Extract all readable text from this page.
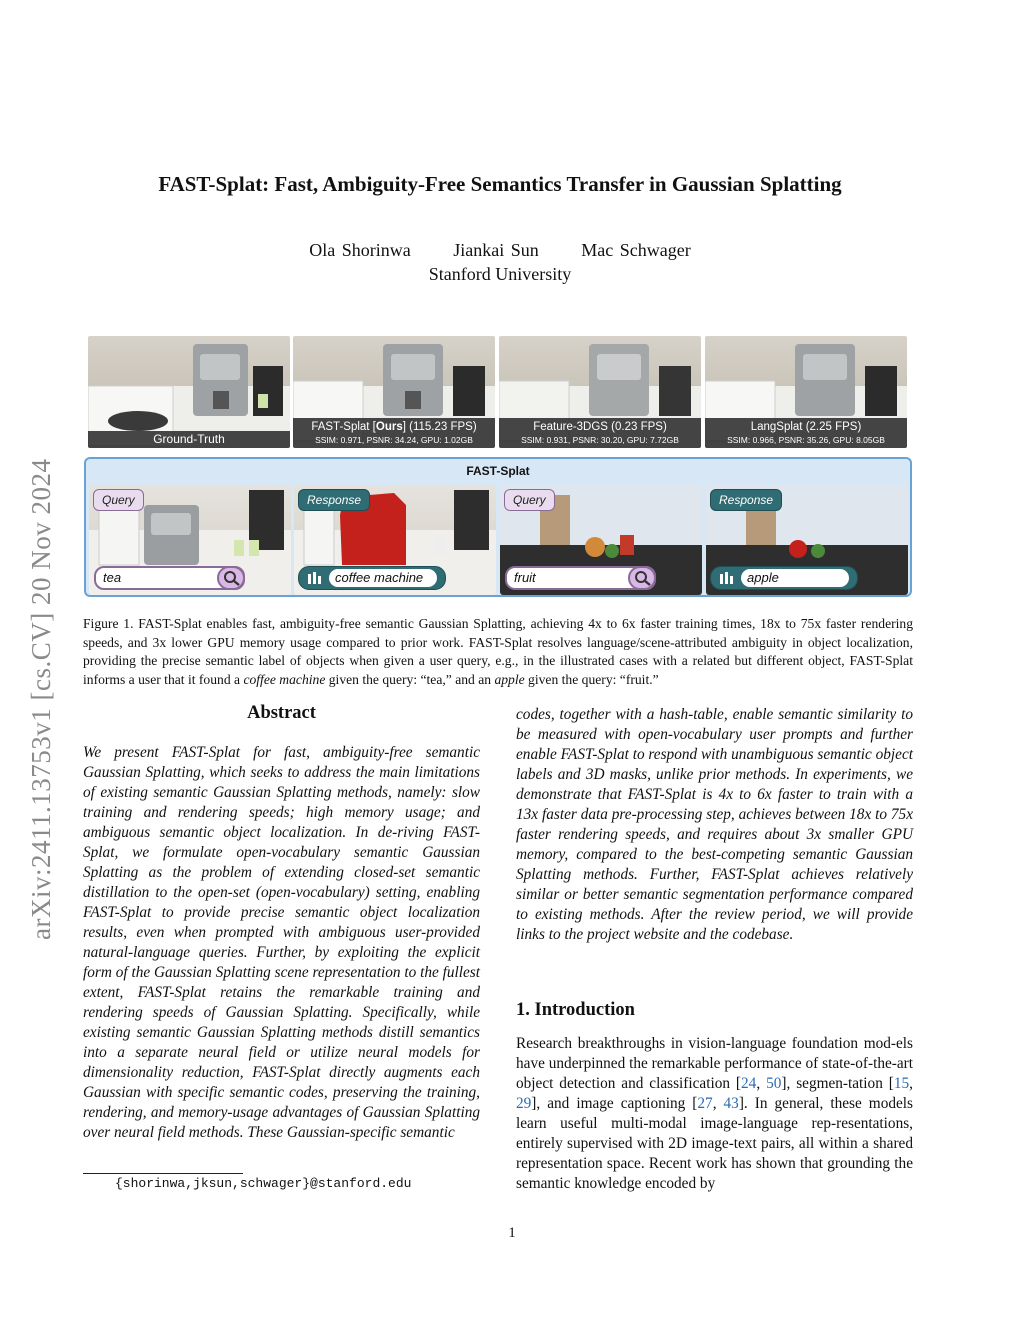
arXiv:2411.13753v1 [cs.CV] 20 Nov 2024
FAST-Splat: Fast, Ambiguity-Free Semantics Transfer in Gaussian Splatting
Ola Shorinwa Jiankai Sun Mac Schwager
Stanford University
Ground-Truth
FAST-Splat [Ours] (115.23 FPS)
SSIM: 0.971, PSNR: 34.24, GPU: 1.02GB
Feature-3DGS (0.23 FPS)
SSIM: 0.931, PSNR: 30.20, GPU: 7.72GB
LangSplat (2.25 FPS)
SSIM: 0.966, PSNR: 35.26, GPU: 8.05GB
FAST-Splat
Query
tea
Response
coffee machine
Query
fruit
Response
apple
Figure 1. FAST-Splat enables fast, ambiguity-free semantic Gaussian Splatting, achieving 4x to 6x faster training times, 18x to 75x faster rendering speeds, and 3x lower GPU memory usage compared to prior work. FAST-Splat resolves language/scene-attributed ambiguity in object localization, providing the precise semantic label of objects when given a user query, e.g., in the illustrated cases with a related but different object, FAST-Splat informs a user that it found a coffee machine given the query: “tea,” and an apple given the query: “fruit.”
Abstract
We present FAST-Splat for fast, ambiguity-free semantic Gaussian Splatting, which seeks to address the main limitations of existing semantic Gaussian Splatting methods, namely: slow training and rendering speeds; high memory usage; and ambiguous semantic object localization. In de-riving FAST-Splat, we formulate open-vocabulary semantic Gaussian Splatting as the problem of extending closed-set semantic distillation to the open-set (open-vocabulary) setting, enabling FAST-Splat to provide precise semantic object localization results, even when prompted with ambiguous user-provided natural-language queries. Further, by exploiting the explicit form of the Gaussian Splatting scene representation to the fullest extent, FAST-Splat retains the remarkable training and rendering speeds of Gaussian Splatting. Specifically, while existing semantic Gaussian Splatting methods distill semantics into a separate neural field or utilize neural models for dimensionality reduction, FAST-Splat directly augments each Gaussian with specific semantic codes, preserving the training, rendering, and memory-usage advantages of Gaussian Splatting over neural field methods. These Gaussian-specific semantic
codes, together with a hash-table, enable semantic similarity to be measured with open-vocabulary user prompts and further enable FAST-Splat to respond with unambiguous semantic object labels and 3D masks, unlike prior methods. In experiments, we demonstrate that FAST-Splat is 4x to 6x faster to train with a 13x faster data pre-processing step, achieves between 18x to 75x faster rendering speeds, and requires about 3x smaller GPU memory, compared to the best-competing semantic Gaussian Splatting methods. Further, FAST-Splat achieves relatively similar or better semantic segmentation performance compared to existing methods. After the review period, we will provide links to the project website and the codebase.
1. Introduction
Research breakthroughs in vision-language foundation mod-els have underpinned the remarkable performance of state-of-the-art object detection and classification [24, 50], segmen-tation [15, 29], and image captioning [27, 43]. In general, these models learn useful multi-modal image-language rep-resentations, entirely supervised with 2D image-text pairs, all within a shared representation space. Recent work has shown that grounding the semantic knowledge encoded by
{shorinwa,jksun,schwager}@stanford.edu
1
